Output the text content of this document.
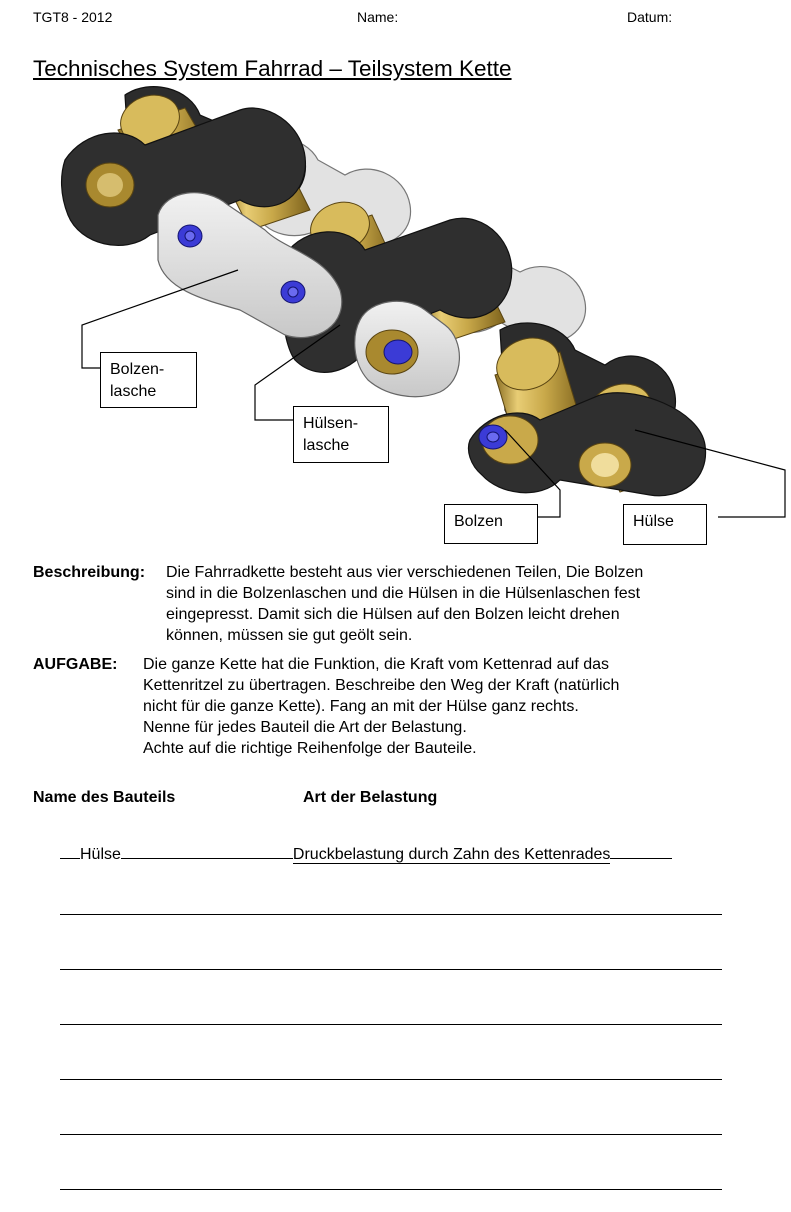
TGT8 - 2012	Name:	Datum:
Technisches System Fahrrad – Teilsystem Kette
Bolzen-
lasche
Hülsen-
lasche
Bolzen	Hülse
Beschreibung: Die Fahrradkette besteht aus vier verschiedenen Teilen, Die Bolzen
sind in die Bolzenlaschen und die Hülsen in die Hülsenlaschen fest
eingepresst. Damit sich die Hülsen auf den Bolzen leicht drehen
können, müssen sie gut geölt sein.
AUFGABE: Die ganze Kette hat die Funktion, die Kraft vom Kettenrad auf das
Kettenritzel zu übertragen. Beschreibe den Weg der Kraft (natürlich
nicht für die ganze Kette). Fang an mit der Hülse ganz rechts.
Nenne für jedes Bauteil die Art der Belastung.
Achte auf die richtige Reihenfolge der Bauteile.
Name des Bauteils	Art der Belastung
Hülse	Druckbelastung durch Zahn des Kettenrades
